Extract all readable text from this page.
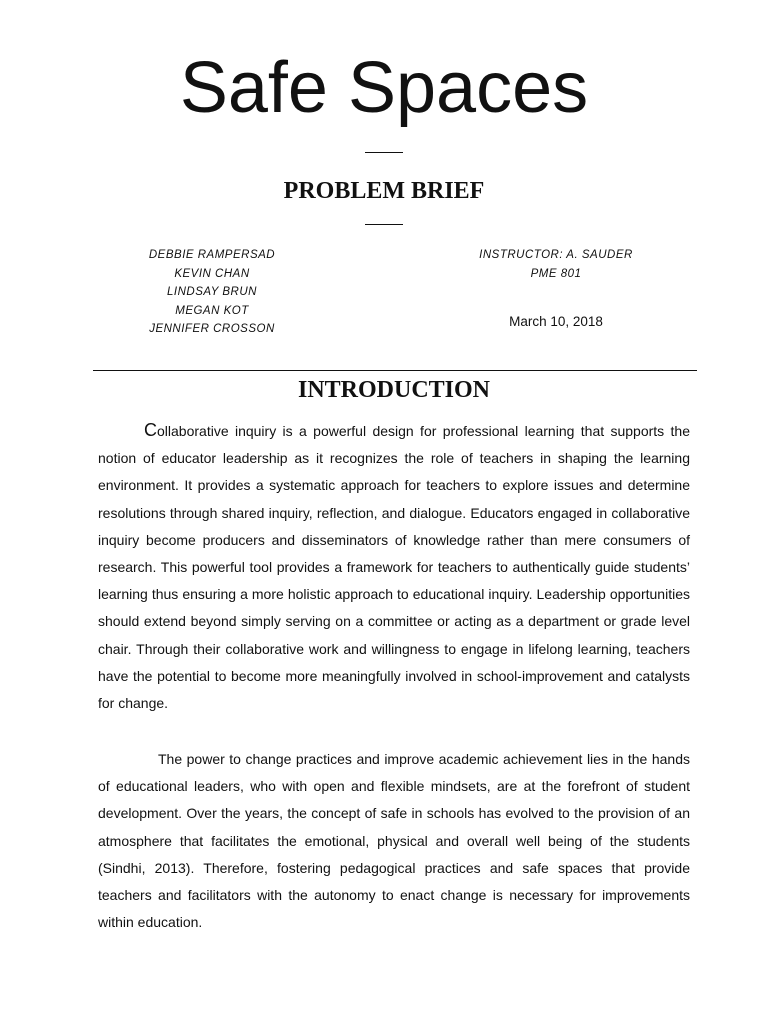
Safe Spaces
PROBLEM BRIEF
DEBBIE RAMPERSAD
KEVIN CHAN
LINDSAY BRUN
MEGAN KOT
JENNIFER CROSSON
INSTRUCTOR: A. SAUDER
PME 801
March 10, 2018
INTRODUCTION

Collaborative inquiry is a powerful design for professional learning that supports the notion of educator leadership as it recognizes the role of teachers in shaping the learning environment. It provides a systematic approach for teachers to explore issues and determine resolutions through shared inquiry, reflection, and dialogue. Educators engaged in collaborative inquiry become producers and disseminators of knowledge rather than mere consumers of research. This powerful tool provides a framework for teachers to authentically guide students’ learning thus ensuring a more holistic approach to educational inquiry. Leadership opportunities should extend beyond simply serving on a committee or acting as a department or grade level chair. Through their collaborative work and willingness to engage in lifelong learning, teachers have the potential to become more meaningfully involved in school-improvement and catalysts for change.

The power to change practices and improve academic achievement lies in the hands of educational leaders, who with open and flexible mindsets, are at the forefront of student development. Over the years, the concept of safe in schools has evolved to the provision of an atmosphere that facilitates the emotional, physical and overall well being of the students (Sindhi, 2013). Therefore, fostering pedagogical practices and safe spaces that provide teachers and facilitators with the autonomy to enact change is necessary for improvements within education.
